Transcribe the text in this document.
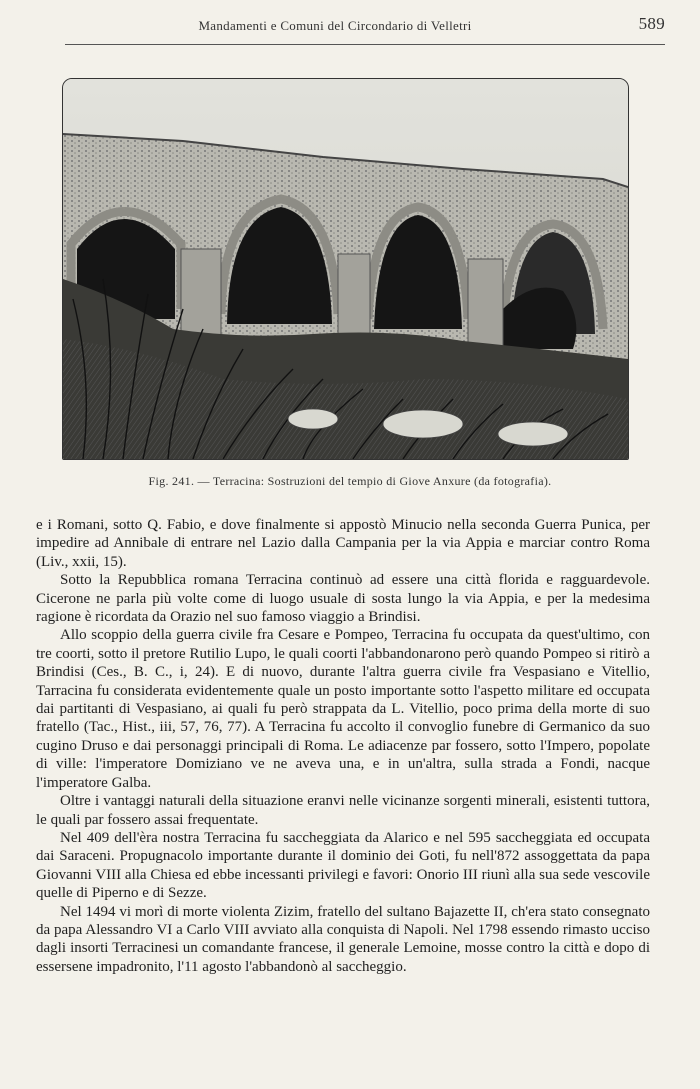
Mandamenti e Comuni del Circondario di Velletri	589
Fig. 241. — Terracina: Sostruzioni del tempio di Giove Anxure (da fotografia).

e i Romani, sotto Q. Fabio, e dove finalmente si appostò Minucio nella seconda Guerra Punica, per impedire ad Annibale di entrare nel Lazio dalla Campania per la via Appia e marciar contro Roma (Liv., xxii, 15).

Sotto la Repubblica romana Terracina continuò ad essere una città florida e ragguardevole. Cicerone ne parla più volte come di luogo usuale di sosta lungo la via Appia, e per la medesima ragione è ricordata da Orazio nel suo famoso viaggio a Brindisi.

Allo scoppio della guerra civile fra Cesare e Pompeo, Terracina fu occupata da quest'ultimo, con tre coorti, sotto il pretore Rutilio Lupo, le quali coorti l'abbandonarono però quando Pompeo si ritirò a Brindisi (Ces., B. C., i, 24). E di nuovo, durante l'altra guerra civile fra Vespasiano e Vitellio, Tarracina fu considerata evidentemente quale un posto importante sotto l'aspetto militare ed occupata dai partitanti di Vespasiano, ai quali fu però strappata da L. Vitellio, poco prima della morte di suo fratello (Tac., Hist., iii, 57, 76, 77). A Terracina fu accolto il convoglio funebre di Germanico da suo cugino Druso e dai personaggi principali di Roma. Le adiacenze par fossero, sotto l'Impero, popolate di ville: l'imperatore Domiziano ve ne aveva una, e in un'altra, sulla strada a Fondi, nacque l'imperatore Galba.

Oltre i vantaggi naturali della situazione eranvi nelle vicinanze sorgenti minerali, esistenti tuttora, le quali par fossero assai frequentate.

Nel 409 dell'èra nostra Terracina fu saccheggiata da Alarico e nel 595 saccheggiata ed occupata dai Saraceni. Propugnacolo importante durante il dominio dei Goti, fu nell'872 assoggettata da papa Giovanni VIII alla Chiesa ed ebbe incessanti privilegi e favori: Onorio III riunì alla sua sede vescovile quelle di Piperno e di Sezze.

Nel 1494 vi morì di morte violenta Zizim, fratello del sultano Bajazette II, ch'era stato consegnato da papa Alessandro VI a Carlo VIII avviato alla conquista di Napoli. Nel 1798 essendo rimasto ucciso dagli insorti Terracinesi un comandante francese, il generale Lemoine, mosse contro la città e dopo di essersene impadronito, l'11 agosto l'abbandonò al saccheggio.
